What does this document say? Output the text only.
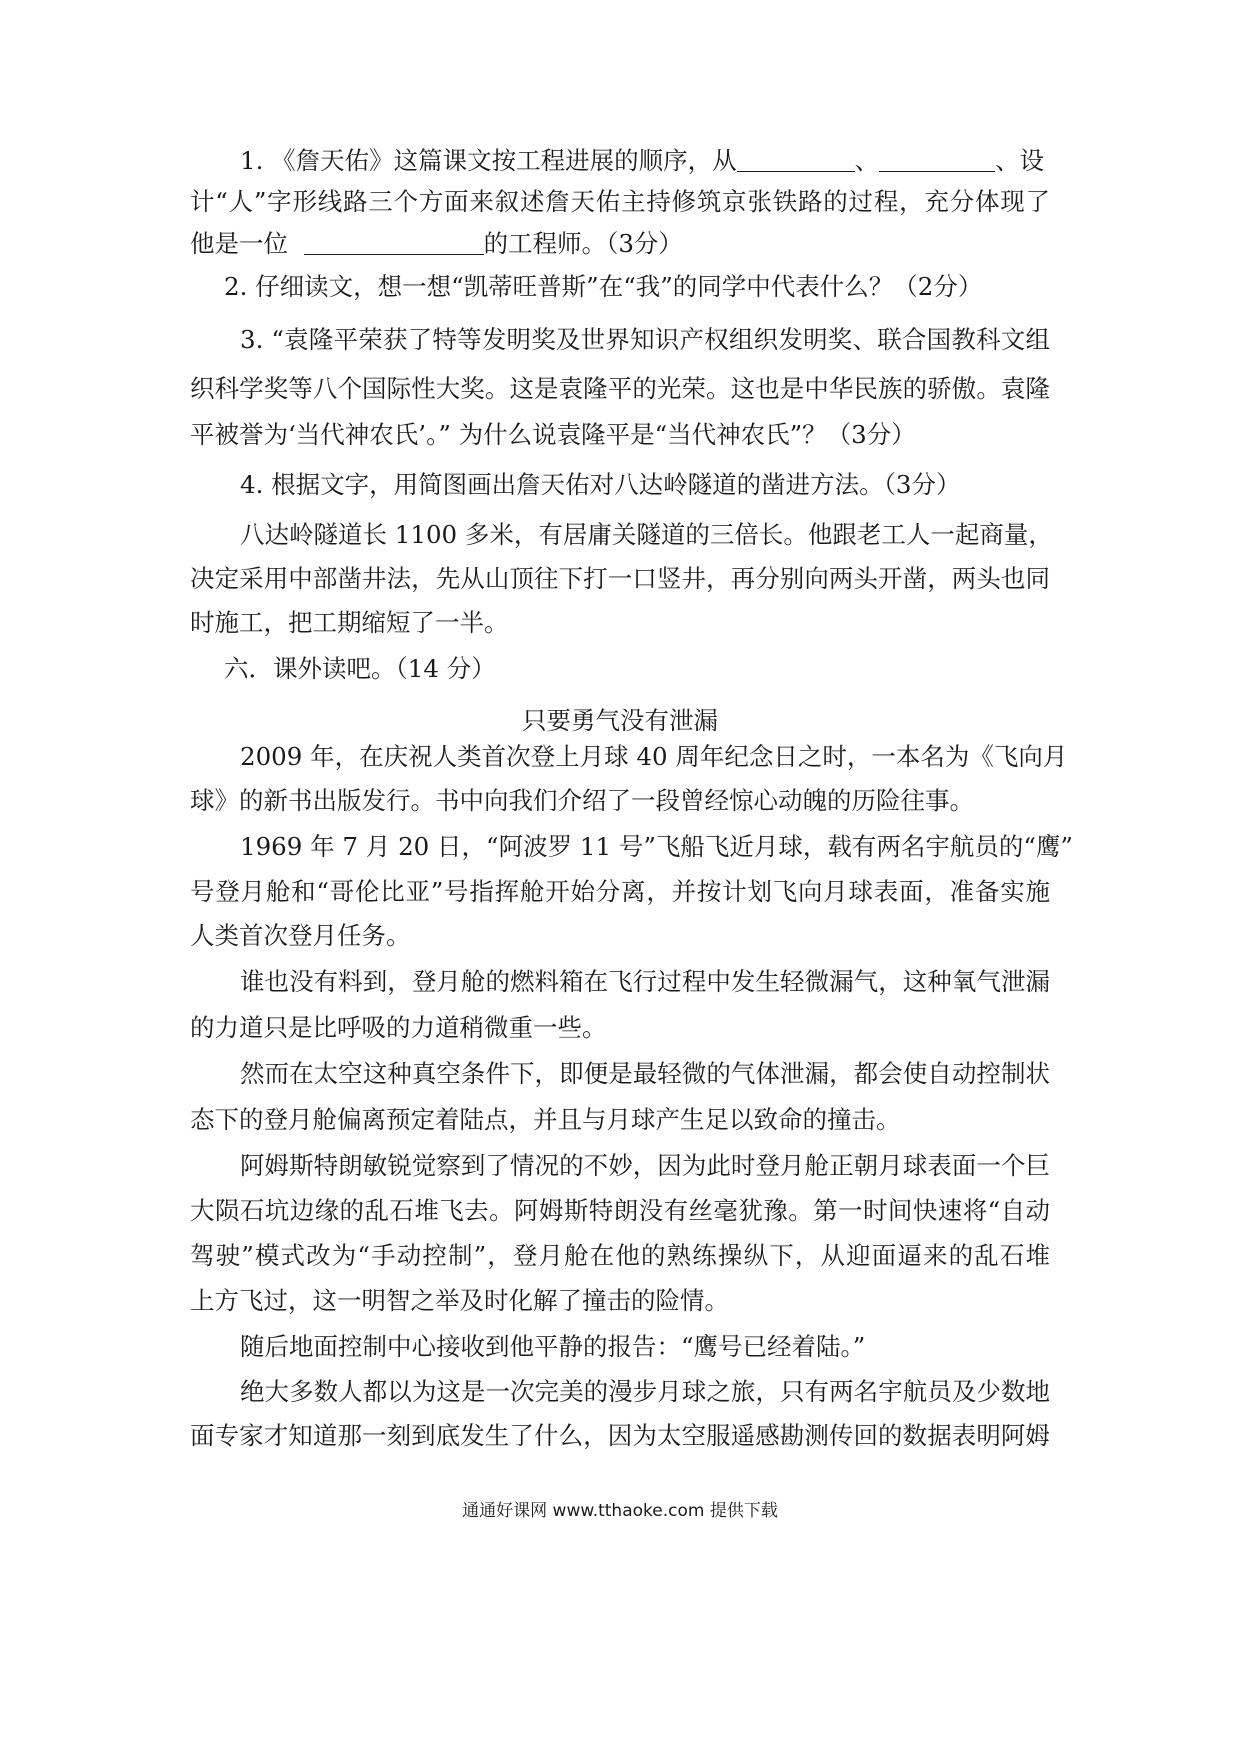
1. 《詹天佑》这篇课文按工程进展的顺序，从	、	、设
计“人”字形线路三个方面来叙述詹天佑主持修筑京张铁路的过程，充分体现了
他是一位	的工程师。（3分）
2. 仔细读文，想一想“凯蒂旺普斯”在“我”的同学中代表什么？（2分）
3. “袁隆平荣获了特等发明奖及世界知识产权组织发明奖、联合国教科文组
织科学奖等八个国际性大奖。这是袁隆平的光荣。这也是中华民族的骄傲。袁隆
平被誉为‘当代神农氏’。” 为什么说袁隆平是“当代神农氏”？（3分）
4. 根据文字，用简图画出詹天佑对八达岭隧道的凿进方法。（3分）
八达岭隧道长 1100 多米，有居庸关隧道的三倍长。他跟老工人一起商量，
决定采用中部凿井法，先从山顶往下打一口竖井，再分别向两头开凿，两头也同
时施工，把工期缩短了一半。
六．课外读吧。（14 分）
只要勇气没有泄漏
2009 年，在庆祝人类首次登上月球 40 周年纪念日之时，一本名为《飞向月
球》的新书出版发行。书中向我们介绍了一段曾经惊心动魄的历险往事。
1969 年 7 月 20 日，“阿波罗 11 号”飞船飞近月球，载有两名宇航员的“鹰”
号登月舱和“哥伦比亚”号指挥舱开始分离，并按计划飞向月球表面，准备实施
人类首次登月任务。
谁也没有料到，登月舱的燃料箱在飞行过程中发生轻微漏气，这种氧气泄漏
的力道只是比呼吸的力道稍微重一些。
然而在太空这种真空条件下，即便是最轻微的气体泄漏，都会使自动控制状
态下的登月舱偏离预定着陆点，并且与月球产生足以致命的撞击。
阿姆斯特朗敏锐觉察到了情况的不妙，因为此时登月舱正朝月球表面一个巨
大陨石坑边缘的乱石堆飞去。阿姆斯特朗没有丝毫犹豫。第一时间快速将“自动
驾驶”模式改为“手动控制”，登月舱在他的熟练操纵下，从迎面逼来的乱石堆
上方飞过，这一明智之举及时化解了撞击的险情。
随后地面控制中心接收到他平静的报告：“鹰号已经着陆。”
绝大多数人都以为这是一次完美的漫步月球之旅，只有两名宇航员及少数地
面专家才知道那一刻到底发生了什么，因为太空服遥感勘测传回的数据表明阿姆
通通好课网 www.tthaoke.com 提供下载
